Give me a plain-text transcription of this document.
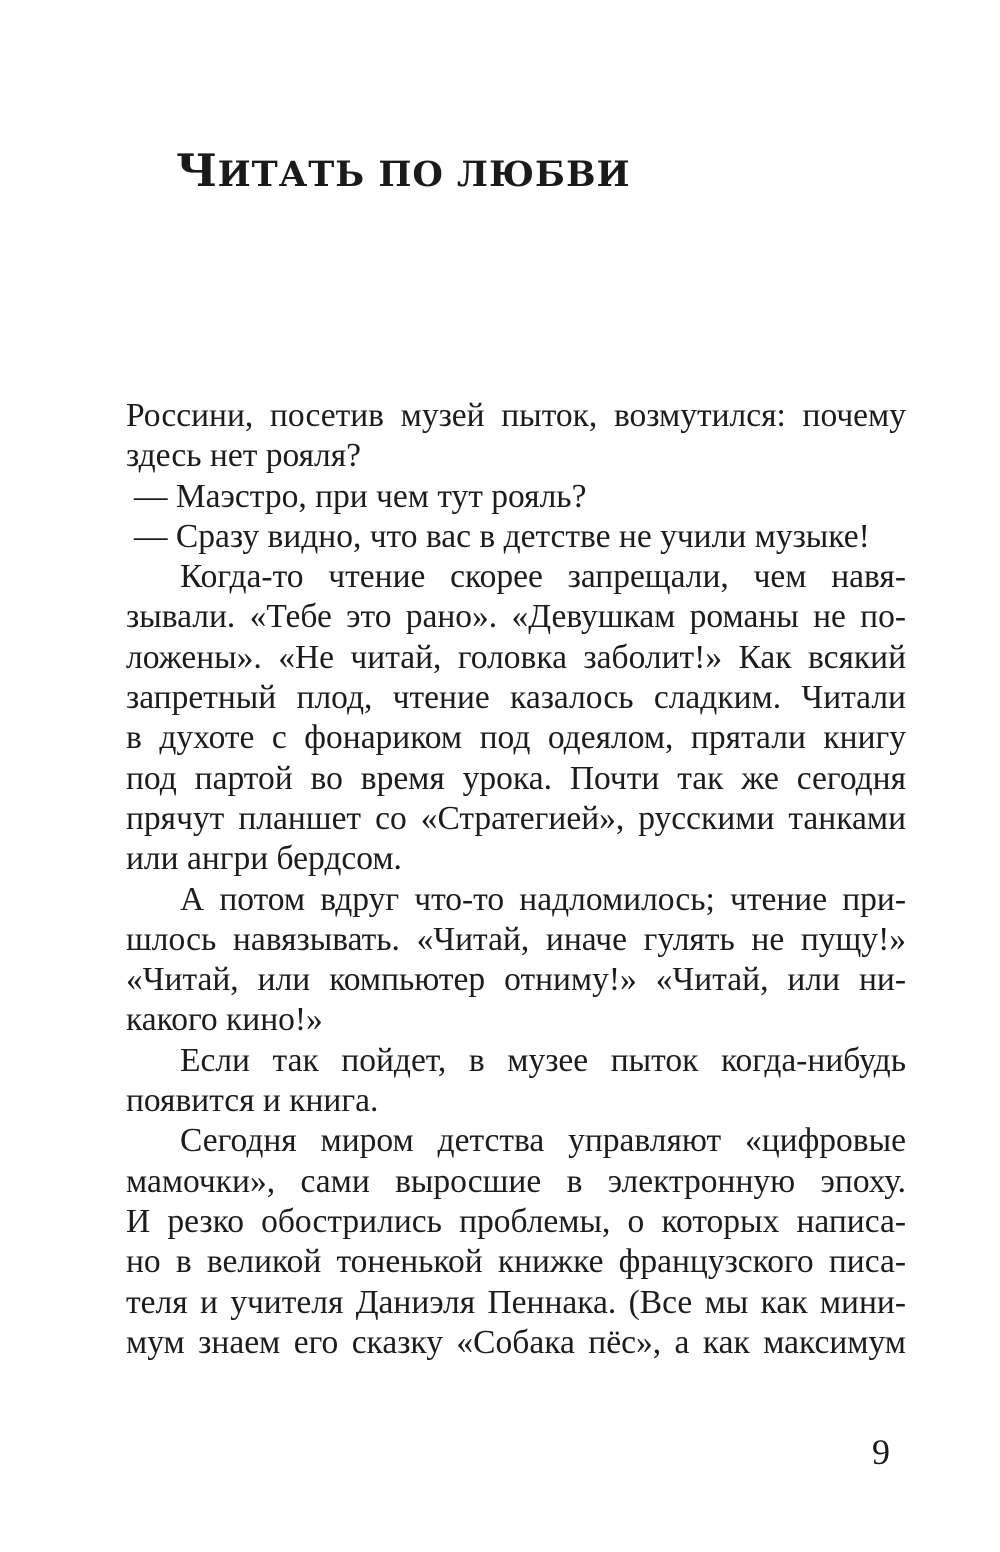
ЧИТАТЬ ПО ЛЮБВИ
Россини, посетив музей пыток, возмутился: почему
здесь нет рояля?
— Маэстро, при чем тут рояль?
— Сразу видно, что вас в детстве не учили музыке!
Когда-то чтение скорее запрещали, чем навя-
зывали. «Тебе это рано». «Девушкам романы не по-
ложены». «Не читай, головка заболит!» Как всякий
запретный плод, чтение казалось сладким. Читали
в духоте с фонариком под одеялом, прятали книгу
под партой во время урока. Почти так же сегодня
прячут планшет со «Стратегией», русскими танками
или ангри бердсом.
А потом вдруг что-то надломилось; чтение при-
шлось навязывать. «Читай, иначе гулять не пущу!»
«Читай, или компьютер отниму!» «Читай, или ни-
какого кино!»
Если так пойдет, в музее пыток когда-нибудь
появится и книга.
Сегодня миром детства управляют «цифровые
мамочки», сами выросшие в электронную эпоху.
И резко обострились проблемы, о которых написа-
но в великой тоненькой книжке французского писа-
теля и учителя Даниэля Пеннака. (Все мы как мини-
мум знаем его сказку «Собака пёс», а как максимум
9
